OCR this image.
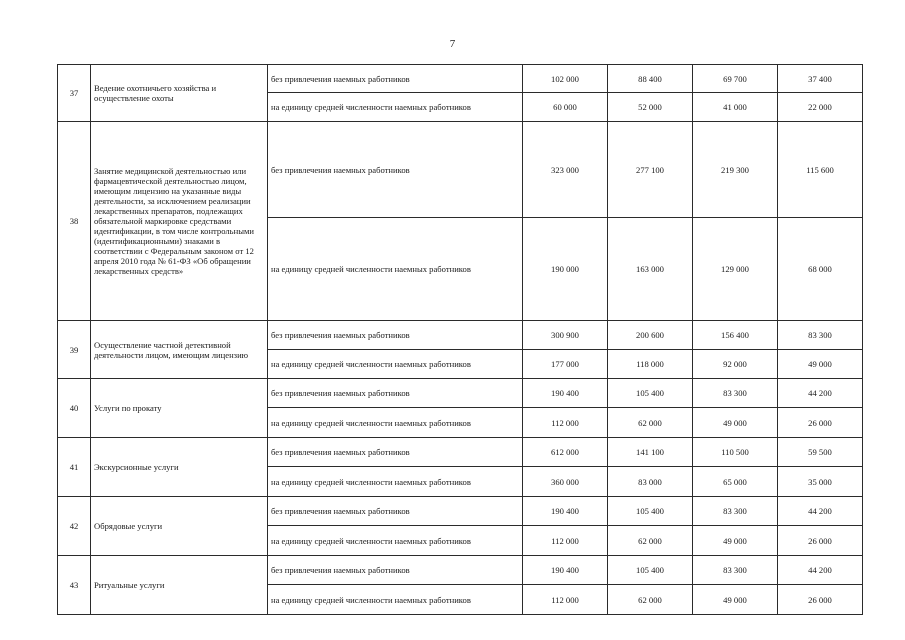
7
37	Ведение охотничьего хозяйства и осуществление охоты	без привлечения наемных работников	102 000	88 400	69 700	37 400
		на единицу средней численности наемных работников	60 000	52 000	41 000	22 000
38	Занятие медицинской деятельностью или фармацевтической деятельностью лицом, имеющим лицензию на указанные виды деятельности, за исключением реализации лекарственных препаратов, подлежащих обязательной маркировке средствами идентификации, в том числе контрольными (идентификационными) знаками в соответствии с Федеральным законом от 12 апреля 2010 года № 61-ФЗ «Об обращении лекарственных средств»	без привлечения наемных работников	323 000	277 100	219 300	115 600
		на единицу средней численности наемных работников	190 000	163 000	129 000	68 000
39	Осуществление частной детективной деятельности лицом, имеющим лицензию	без привлечения наемных работников	300 900	200 600	156 400	83 300
		на единицу средней численности наемных работников	177 000	118 000	92 000	49 000
40	Услуги по прокату	без привлечения наемных работников	190 400	105 400	83 300	44 200
		на единицу средней численности наемных работников	112 000	62 000	49 000	26 000
41	Экскурсионные услуги	без привлечения наемных работников	612 000	141 100	110 500	59 500
		на единицу средней численности наемных работников	360 000	83 000	65 000	35 000
42	Обрядовые услуги	без привлечения наемных работников	190 400	105 400	83 300	44 200
		на единицу средней численности наемных работников	112 000	62 000	49 000	26 000
43	Ритуальные услуги	без привлечения наемных работников	190 400	105 400	83 300	44 200
		на единицу средней численности наемных работников	112 000	62 000	49 000	26 000
